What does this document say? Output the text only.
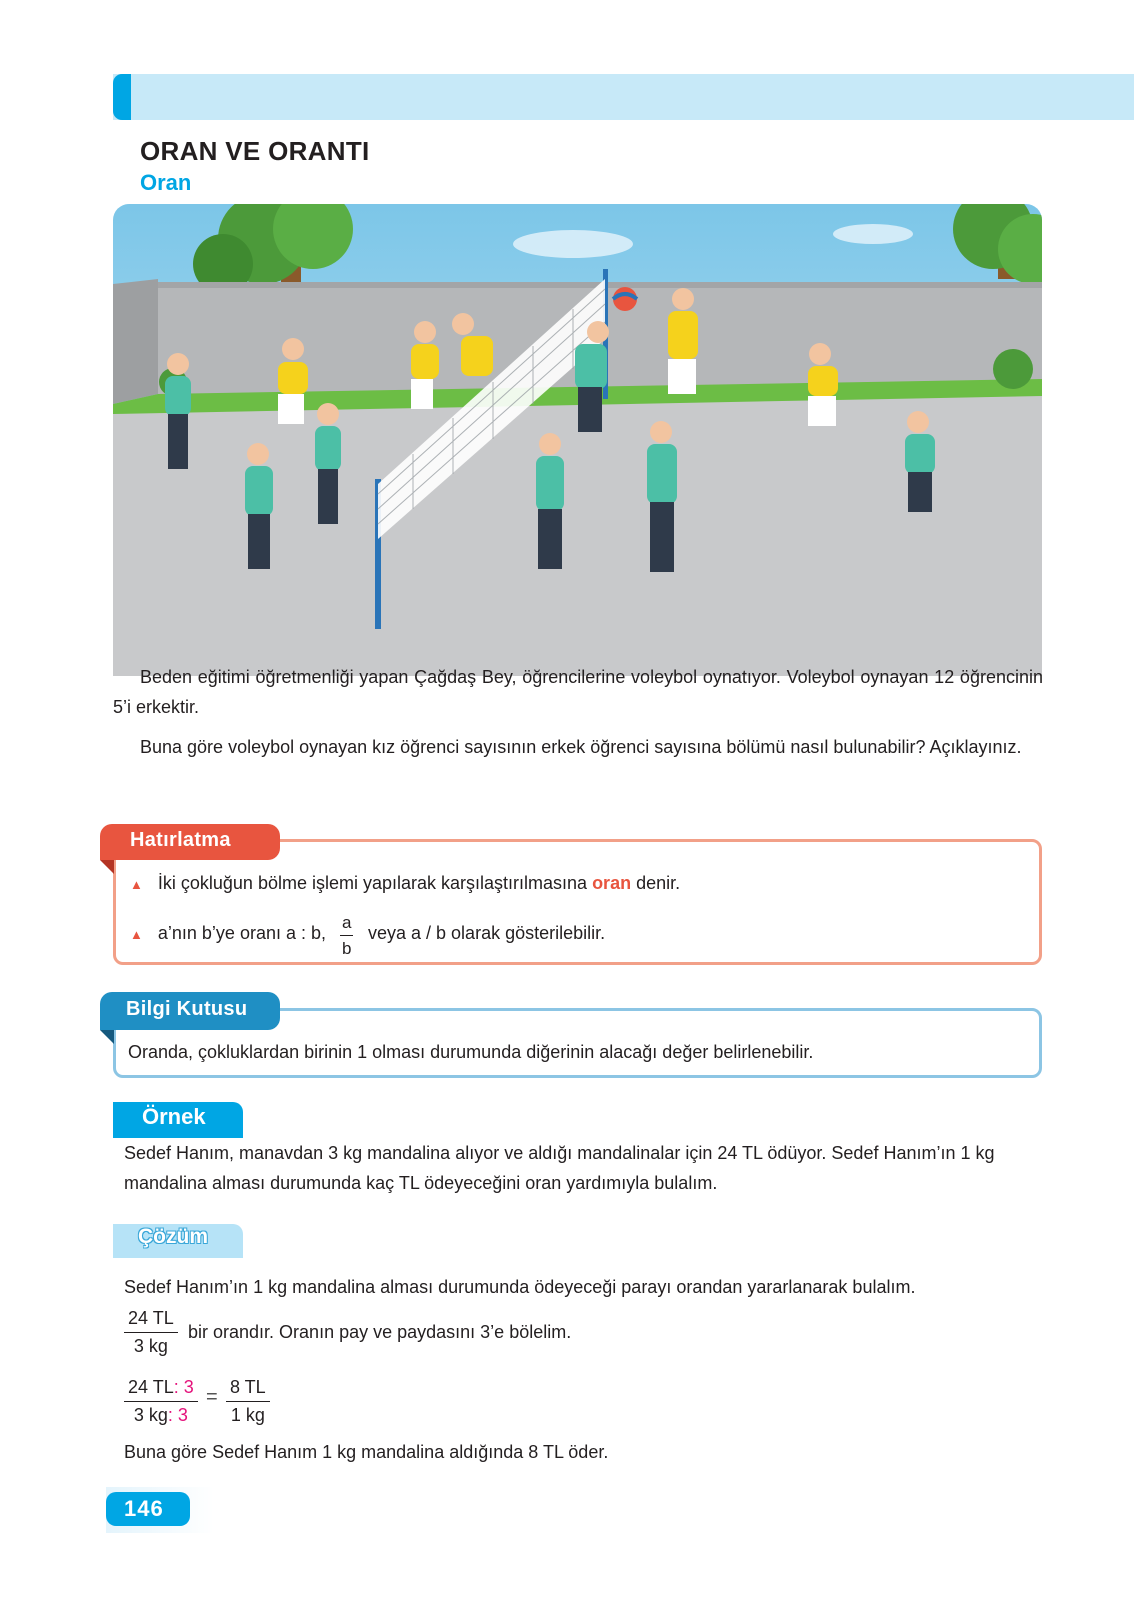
ORAN VE ORANTI
Oran

Beden eğitimi öğretmenliği yapan Çağdaş Bey, öğrencilerine voleybol oynatıyor. Voleybol oynayan 12 öğrencinin 5’i erkektir.

Buna göre voleybol oynayan kız öğrenci sayısının erkek öğrenci sayısına bölümü nasıl bulunabilir? Açıklayınız.

Hatırlatma
▲ İki çokluğun bölme işlemi yapılarak karşılaştırılmasına oran denir.
▲ a’nın b’ye oranı a : b, $\frac{a}{b}$ veya a / b olarak gösterilebilir.
Bilgi Kutusu
Oranda, çokluklardan birinin 1 olması durumunda diğerinin alacağı değer belirlenebilir.
Örnek

Sedef Hanım, manavdan 3 kg mandalina alıyor ve aldığı mandalinalar için 24 TL ödüyor. Sedef Hanım’ın 1 kg mandalina alması durumunda kaç TL ödeyeceğini oran yardımıyla bulalım.

Çözüm
Sedef Hanım’ın 1 kg mandalina alması durumunda ödeyeceği parayı orandan yararlanarak bulalım.
$\frac{24 TL}{3 kg}$ bir orandır. Oranın pay ve paydasını 3’e bölelim.
$\frac{24 TL: 3}{3 kg: 3} = \frac{8 TL}{1 kg}$
Buna göre Sedef Hanım 1 kg mandalina aldığında 8 TL öder.
146
